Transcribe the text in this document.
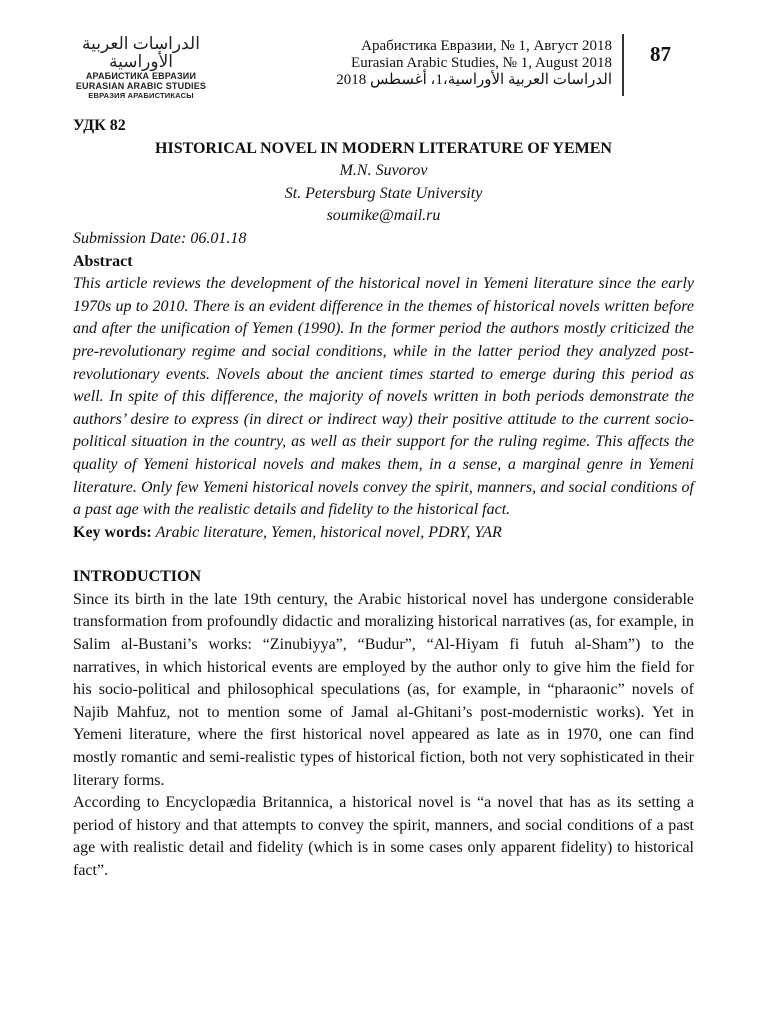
الدراسات العربية الأوراسية
АРАБИСТИКА ЕВРАЗИИ
EURASIAN ARABIC STUDIES
ЕВРАЗИЯ АРАБИСТИКАСЫ
Арабистика Евразии, № 1, Август 2018
Eurasian Arabic Studies, № 1, August 2018
الدراسات العربية الأوراسية،1، أغسطس 2018
87

УДК 82

HISTORICAL NOVEL IN MODERN LITERATURE OF YEMEN

M.N. Suvorov

St. Petersburg State University

soumike@mail.ru

Submission Date: 06.01.18

Abstract

This article reviews the development of the historical novel in Yemeni literature since the early 1970s up to 2010. There is an evident difference in the themes of historical novels written before and after the unification of Yemen (1990). In the former period the authors mostly criticized the pre-revolutionary regime and social conditions, while in the latter period they analyzed post-revolutionary events. Novels about the ancient times started to emerge during this period as well. In spite of this difference, the majority of novels written in both periods demonstrate the authors’ desire to express (in direct or indirect way) their positive attitude to the current socio-political situation in the country, as well as their support for the ruling regime. This affects the quality of Yemeni historical novels and makes them, in a sense, a marginal genre in Yemeni literature. Only few Yemeni historical novels convey the spirit, manners, and social conditions of a past age with the realistic details and fidelity to the historical fact.

Key words: Arabic literature, Yemen, historical novel, PDRY, YAR

INTRODUCTION

Since its birth in the late 19th century, the Arabic historical novel has undergone considerable transformation from profoundly didactic and moralizing historical narratives (as, for example, in Salim al-Bustani’s works: “Zinubiyya”, “Budur”, “Al-Hiyam fi futuh al-Sham”) to the narratives, in which historical events are employed by the author only to give him the field for his socio-political and philosophical speculations (as, for example, in “pharaonic” novels of Najib Mahfuz, not to mention some of Jamal al-Ghitani’s post-modernistic works). Yet in Yemeni literature, where the first historical novel appeared as late as in 1970, one can find mostly romantic and semi-realistic types of historical fiction, both not very sophisticated in their literary forms.

According to Encyclopædia Britannica, a historical novel is “a novel that has as its setting a period of history and that attempts to convey the spirit, manners, and social conditions of a past age with realistic detail and fidelity (which is in some cases only apparent fidelity) to historical fact”.
